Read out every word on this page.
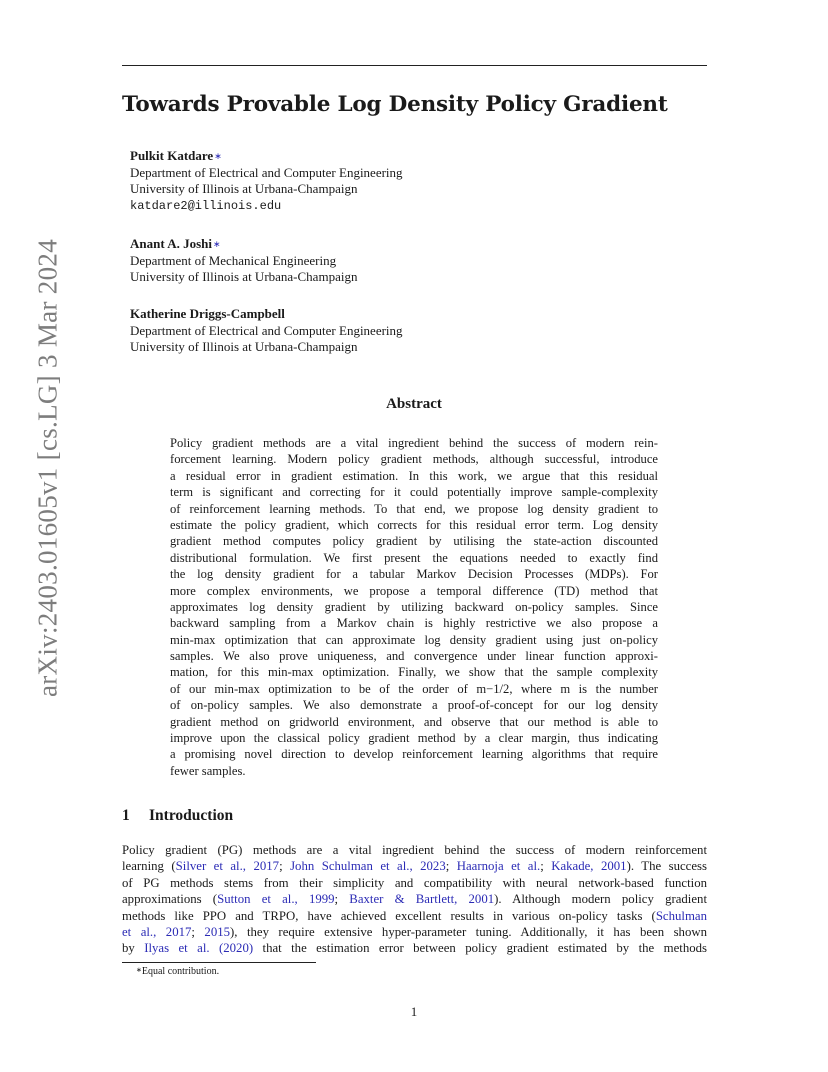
Towards Provable Log Density Policy Gradient
arXiv:2403.01605v1 [cs.LG] 3 Mar 2024
Pulkit Katdare∗
Department of Electrical and Computer Engineering
University of Illinois at Urbana-Champaign
katdare2@illinois.edu
Anant A. Joshi∗
Department of Mechanical Engineering
University of Illinois at Urbana-Champaign
Katherine Driggs-Campbell
Department of Electrical and Computer Engineering
University of Illinois at Urbana-Champaign
Abstract
Policy gradient methods are a vital ingredient behind the success of modern rein-
forcement learning. Modern policy gradient methods, although successful, introduce
a residual error in gradient estimation. In this work, we argue that this residual
term is significant and correcting for it could potentially improve sample-complexity
of reinforcement learning methods. To that end, we propose log density gradient to
estimate the policy gradient, which corrects for this residual error term. Log density
gradient method computes policy gradient by utilising the state-action discounted
distributional formulation. We first present the equations needed to exactly find
the log density gradient for a tabular Markov Decision Processes (MDPs). For
more complex environments, we propose a temporal difference (TD) method that
approximates log density gradient by utilizing backward on-policy samples. Since
backward sampling from a Markov chain is highly restrictive we also propose a
min-max optimization that can approximate log density gradient using just on-policy
samples. We also prove uniqueness, and convergence under linear function approxi-
mation, for this min-max optimization. Finally, we show that the sample complexity
of our min-max optimization to be of the order of m−1/2, where m is the number
of on-policy samples. We also demonstrate a proof-of-concept for our log density
gradient method on gridworld environment, and observe that our method is able to
improve upon the classical policy gradient method by a clear margin, thus indicating
a promising novel direction to develop reinforcement learning algorithms that require
fewer samples.
1 Introduction
Policy gradient (PG) methods are a vital ingredient behind the success of modern reinforcement
learning (Silver et al., 2017; John Schulman et al., 2023; Haarnoja et al.; Kakade, 2001). The success
of PG methods stems from their simplicity and compatibility with neural network-based function
approximations (Sutton et al., 1999; Baxter & Bartlett, 2001). Although modern policy gradient
methods like PPO and TRPO, have achieved excellent results in various on-policy tasks (Schulman
et al., 2017; 2015), they require extensive hyper-parameter tuning. Additionally, it has been shown
by Ilyas et al. (2020) that the estimation error between policy gradient estimated by the methods
∗Equal contribution.
1
